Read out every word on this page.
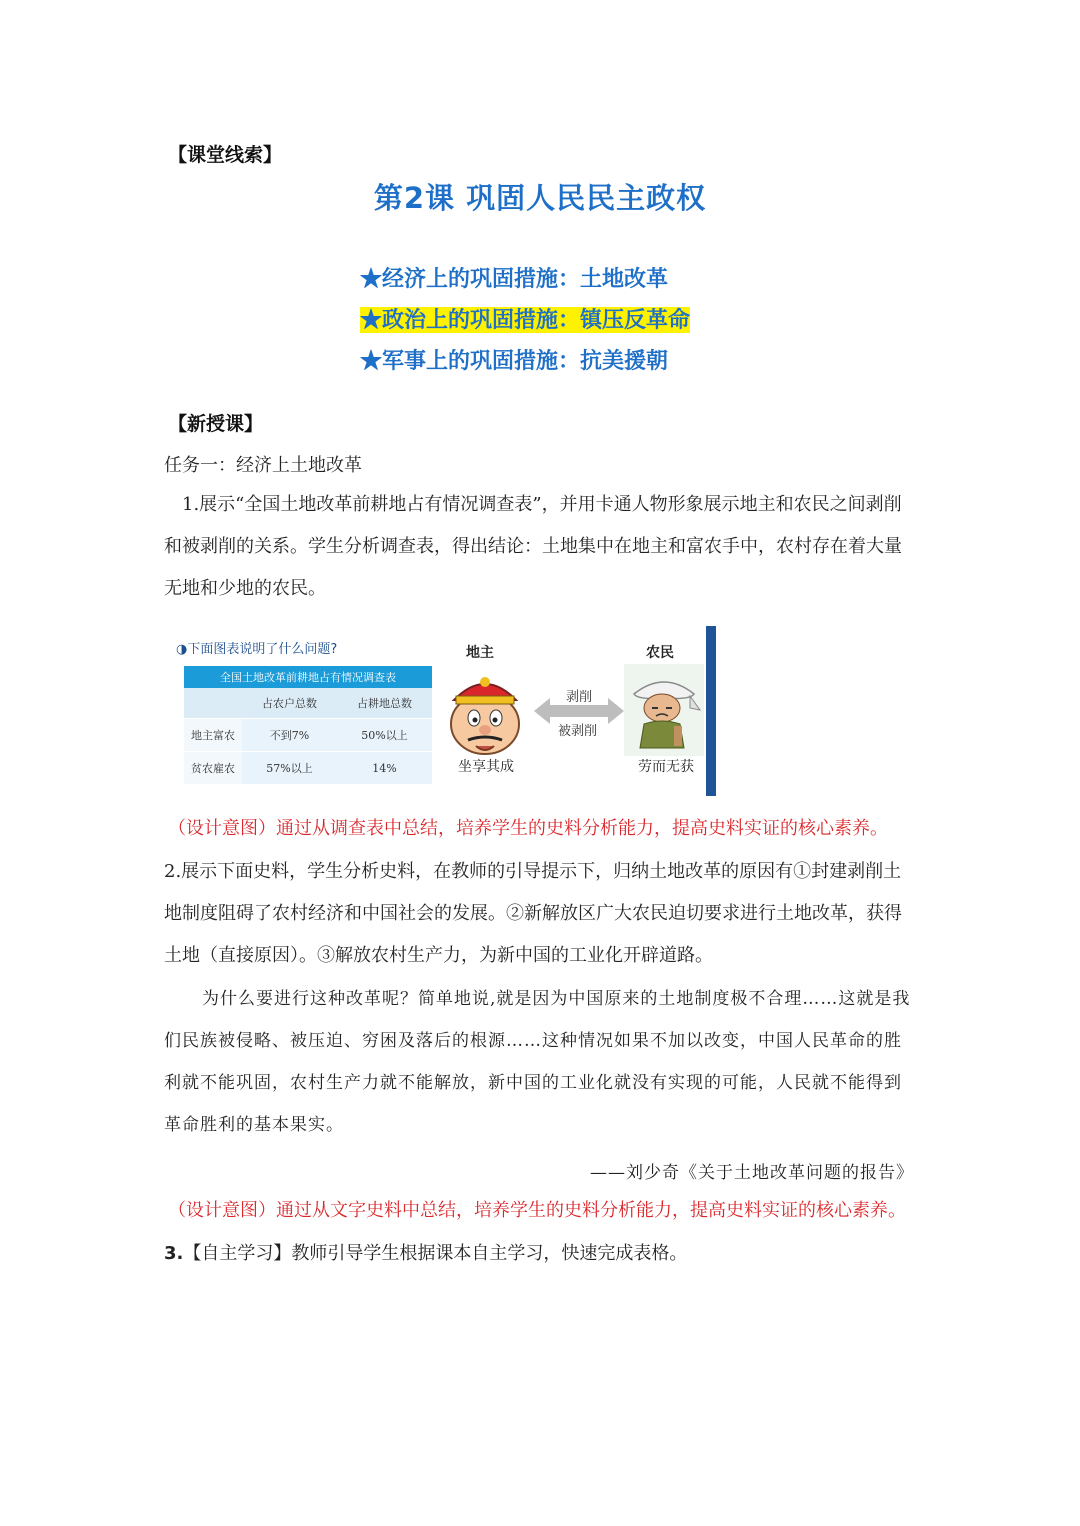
【课堂线索】
第2课 巩固人民民主政权
★经济上的巩固措施：土地改革
★政治上的巩固措施：镇压反革命
★军事上的巩固措施：抗美援朝
【新授课】
任务一：经济上土地改革
1.展示“全国土地改革前耕地占有情况调查表”，并用卡通人物形象展示地主和农民之间剥削和被剥削的关系。学生分析调查表，得出结论：土地集中在地主和富农手中，农村存在着大量无地和少地的农民。
◑下面图表说明了什么问题?
全国土地改革前耕地占有情况调查表		
	占农户总数	占耕地总数
地主富农	不到7%	50%以上
贫农雇农	57%以上	14%
地主
坐享其成
剥削
被剥削
农民
劳而无获
（设计意图）通过从调查表中总结，培养学生的史料分析能力，提高史料实证的核心素养。
2.展示下面史料，学生分析史料，在教师的引导提示下，归纳土地改革的原因有①封建剥削土地制度阻碍了农村经济和中国社会的发展。②新解放区广大农民迫切要求进行土地改革，获得土地（直接原因）。③解放农村生产力，为新中国的工业化开辟道路。
为什么要进行这种改革呢？简单地说,就是因为中国原来的土地制度极不合理……这就是我们民族被侵略、被压迫、穷困及落后的根源……这种情况如果不加以改变，中国人民革命的胜利就不能巩固，农村生产力就不能解放，新中国的工业化就没有实现的可能，人民就不能得到革命胜利的基本果实。
——刘少奇《关于土地改革问题的报告》
（设计意图）通过从文字史料中总结，培养学生的史料分析能力，提高史料实证的核心素养。
3.【自主学习】教师引导学生根据课本自主学习，快速完成表格。
